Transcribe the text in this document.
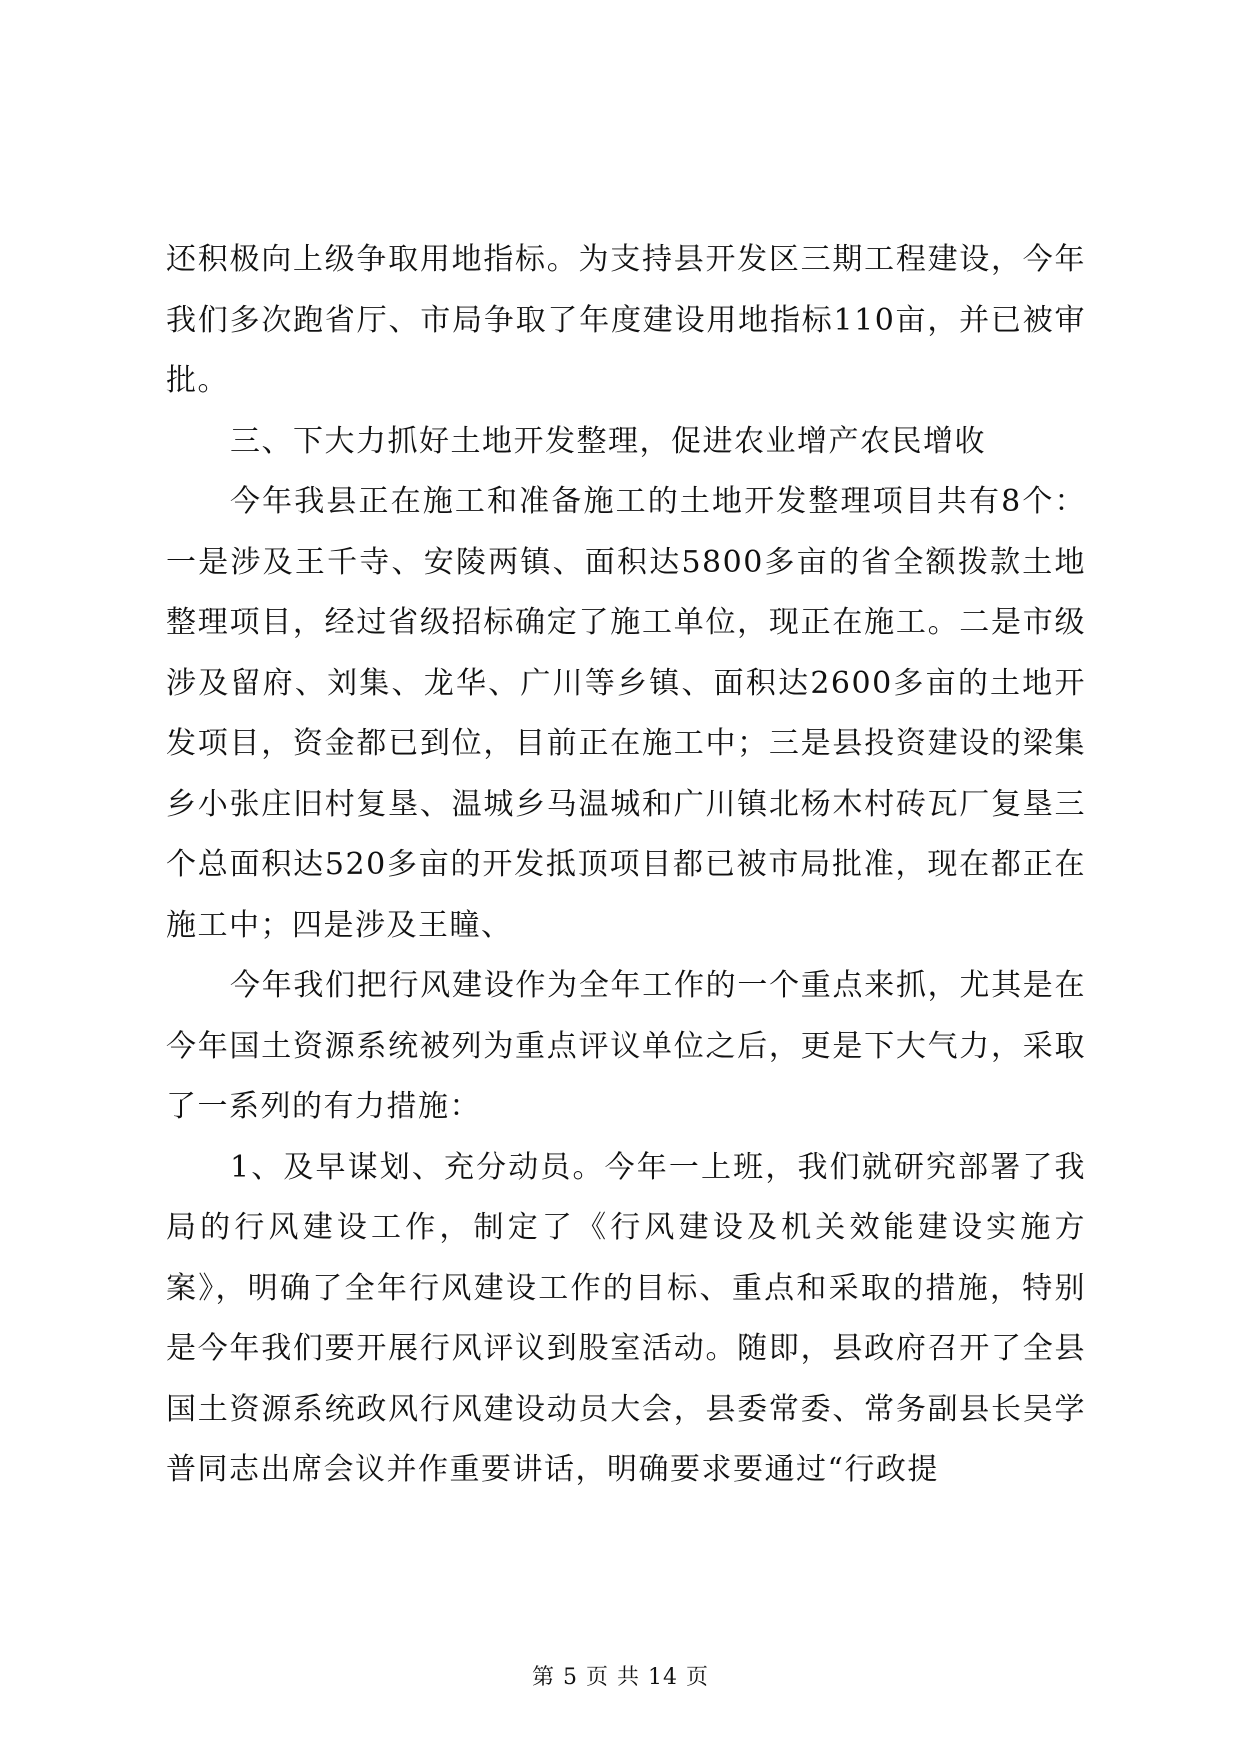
还积极向上级争取用地指标。为支持县开发区三期工程建设，今年我们多次跑省厅、市局争取了年度建设用地指标110亩，并已被审批。

三、下大力抓好土地开发整理，促进农业增产农民增收

今年我县正在施工和准备施工的土地开发整理项目共有8个：一是涉及王千寺、安陵两镇、面积达5800多亩的省全额拨款土地整理项目，经过省级招标确定了施工单位，现正在施工。二是市级涉及留府、刘集、龙华、广川等乡镇、面积达2600多亩的土地开发项目，资金都已到位，目前正在施工中；三是县投资建设的梁集乡小张庄旧村复垦、温城乡马温城和广川镇北杨木村砖瓦厂复垦三个总面积达520多亩的开发抵顶项目都已被市局批准，现在都正在施工中；四是涉及王瞳、

今年我们把行风建设作为全年工作的一个重点来抓，尤其是在今年国土资源系统被列为重点评议单位之后，更是下大气力，采取了一系列的有力措施：

1、及早谋划、充分动员。今年一上班，我们就研究部署了我局的行风建设工作，制定了《行风建设及机关效能建设实施方案》，明确了全年行风建设工作的目标、重点和采取的措施，特别是今年我们要开展行风评议到股室活动。随即，县政府召开了全县国土资源系统政风行风建设动员大会，县委常委、常务副县长吴学普同志出席会议并作重要讲话，明确要求要通过“行政提

第 5 页 共 14 页
